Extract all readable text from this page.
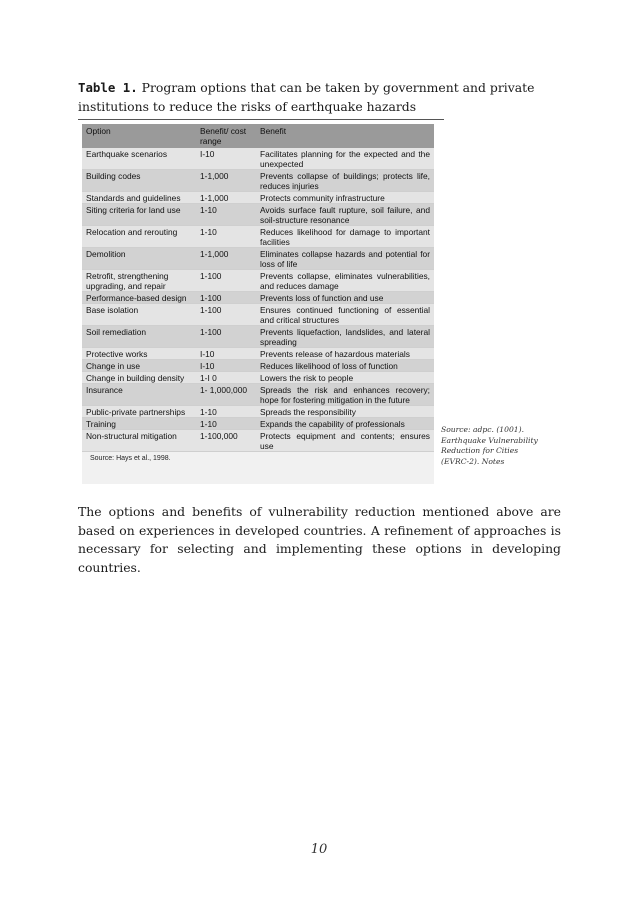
Table 1. Program options that can be taken by government and private institutions to reduce the risks of earthquake hazards
Option	Benefit/ cost range	Benefit
Earthquake scenarios	I-10	Facilitates planning for the expected and the unexpected
Building codes	1-1,000	Prevents collapse of buildings; protects life, reduces injuries
Standards and guidelines	1-1,000	Protects community infrastructure
Siting criteria for land use	1-10	Avoids surface fault rupture, soil failure, and soil-structure resonance
Relocation and rerouting	1-10	Reduces likelihood for damage to important facilities
Demolition	1-1,000	Eliminates collapse hazards and potential for loss of life
Retrofit, strengthening upgrading, and repair	1-100	Prevents collapse, eliminates vulnerabilities, and reduces damage
Performance-based design	1-100	Prevents loss of function and use
Base isolation	1-100	Ensures continued functioning of essential and critical structures
Soil remediation	1-100	Prevents liquefaction, landslides, and lateral spreading
Protective works	I-10	Prevents release of hazardous materials
Change in use	I-10	Reduces likelihood of loss of function
Change in building density	1-I 0	Lowers the risk to people
Insurance	1- 1,000,000	Spreads the risk and enhances recovery; hope for fostering mitigation in the future
Public-private partnerships	1-10	Spreads the responsibility
Training	1-10	Expands the capability of professionals
Non-structural mitigation	1-100,000	Protects equipment and contents; ensures use
Source: Hays et al., 1998.
Source: adpc. (1001).
Earthquake Vulnerability
Reduction for Cities
(EVRC-2). Notes
The options and benefits of vulnerability reduction mentioned above are based on experiences in developed countries. A refinement of approaches is necessary for selecting and implementing these options in developing countries.
10
